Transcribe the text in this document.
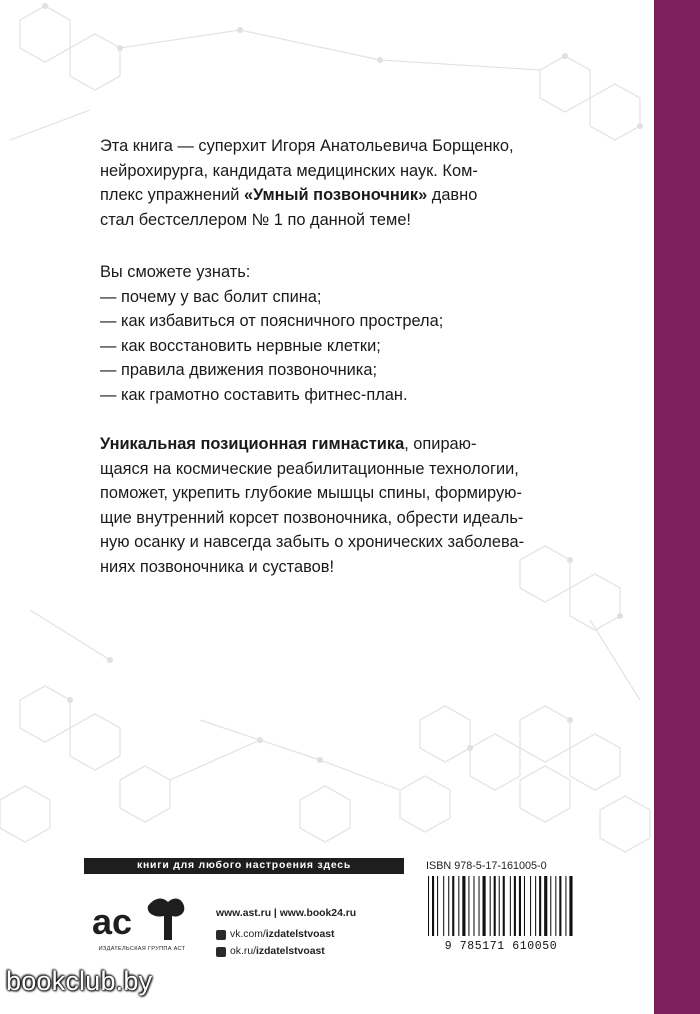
Эта книга — суперхит Игоря Анатольевича Борщенко,
нейрохирурга, кандидата медицинских наук. Ком-
плекс упражнений «Умный позвоночник» давно
стал бестселлером № 1 по данной теме!
Вы сможете узнать:
— почему у вас болит спина;
— как избавиться от поясничного прострела;
— как восстановить нервные клетки;
— правила движения позвоночника;
— как грамотно составить фитнес-план.
Уникальная позиционная гимнастика, опираю-
щаяся на космические реабилитационные технологии,
поможет, укрепить глубокие мышцы спины, формирую-
щие внутренний корсет позвоночника, обрести идеаль-
ную осанку и навсегда забыть о хронических заболева-
ниях позвоночника и суставов!
книги для любого настроения здесь	ISBN 978-5-17-161005-0
9 785171 610050
ac
ИЗДАТЕЛЬСКАЯ ГРУППА АСТ
www.ast.ru | www.book24.ru
vk.com/ izdatelstvoast
ok.ru/ izdatelstvoast
bookclub.by
